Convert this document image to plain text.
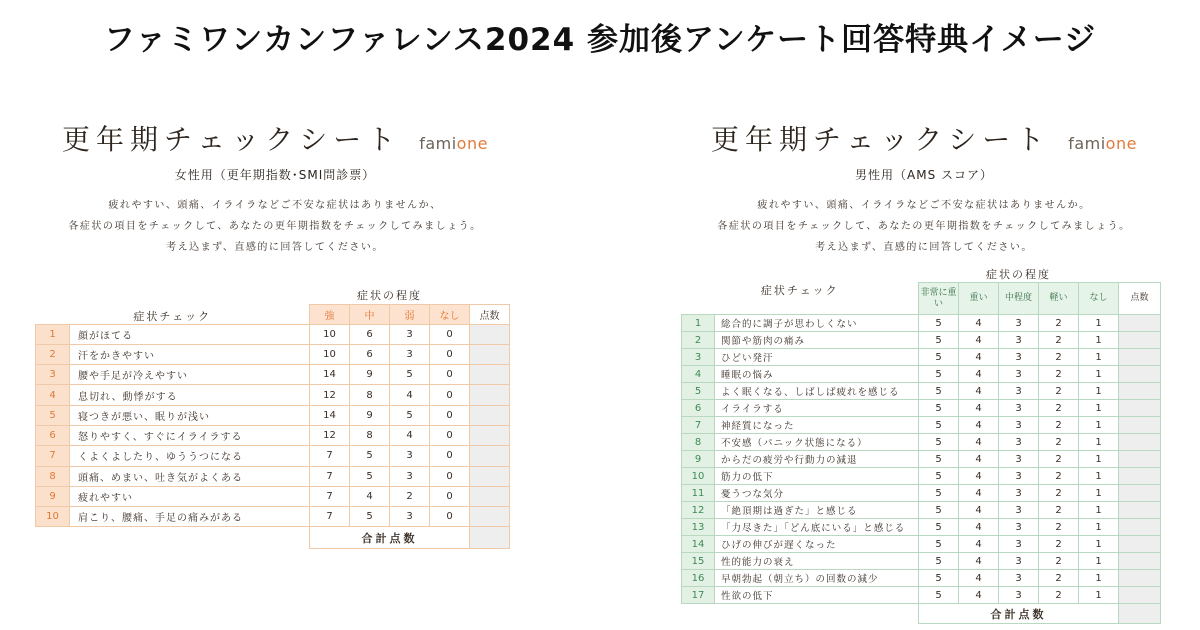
ファミワンカンファレンス2024 参加後アンケート回答特典イメージ
更年期チェックシート famione
女性用（更年期指数･SMI問診票）
疲れやすい、頭痛、イライラなどご不安な症状はありませんか、
各症状の項目をチェックして、あなたの更年期指数をチェックしてみましょう。
考え込まず、直感的に回答してください。
症状チェック		症状の程度				
		強	中	弱	なし	点数
1	顔がほてる	10	6	3	0	
2	汗をかきやすい	10	6	3	0	
3	腰や手足が冷えやすい	14	9	5	0	
4	息切れ、動悸がする	12	8	4	0	
5	寝つきが悪い、眠りが浅い	14	9	5	0	
6	怒りやすく、すぐにイライラする	12	8	4	0	
7	くよくよしたり、ゆううつになる	7	5	3	0	
8	頭痛、めまい、吐き気がよくある	7	5	3	0	
9	疲れやすい	7	4	2	0	
10	肩こり、腰痛、手足の痛みがある	7	5	3	0	
		合計点数				
更年期チェックシート famione
男性用（AMS スコア）
疲れやすい、頭痛、イライラなどご不安な症状はありませんか。
各症状の項目をチェックして、あなたの更年期指数をチェックしてみましょう。
考え込まず、直感的に回答してください。
症状チェック		症状の程度					
		非常に重い	重い	中程度	軽い	なし	点数
1	総合的に調子が思わしくない	5	4	3	2	1	
2	関節や筋肉の痛み	5	4	3	2	1	
3	ひどい発汗	5	4	3	2	1	
4	睡眠の悩み	5	4	3	2	1	
5	よく眠くなる、しばしば疲れを感じる	5	4	3	2	1	
6	イライラする	5	4	3	2	1	
7	神経質になった	5	4	3	2	1	
8	不安感（パニック状態になる）	5	4	3	2	1	
9	からだの疲労や行動力の減退	5	4	3	2	1	
10	筋力の低下	5	4	3	2	1	
11	憂うつな気分	5	4	3	2	1	
12	「絶頂期は過ぎた」と感じる	5	4	3	2	1	
13	「力尽きた」「どん底にいる」と感じる	5	4	3	2	1	
14	ひげの伸びが遅くなった	5	4	3	2	1	
15	性的能力の衰え	5	4	3	2	1	
16	早朝勃起（朝立ち）の回数の減少	5	4	3	2	1	
17	性欲の低下	5	4	3	2	1	
		合計点数					
